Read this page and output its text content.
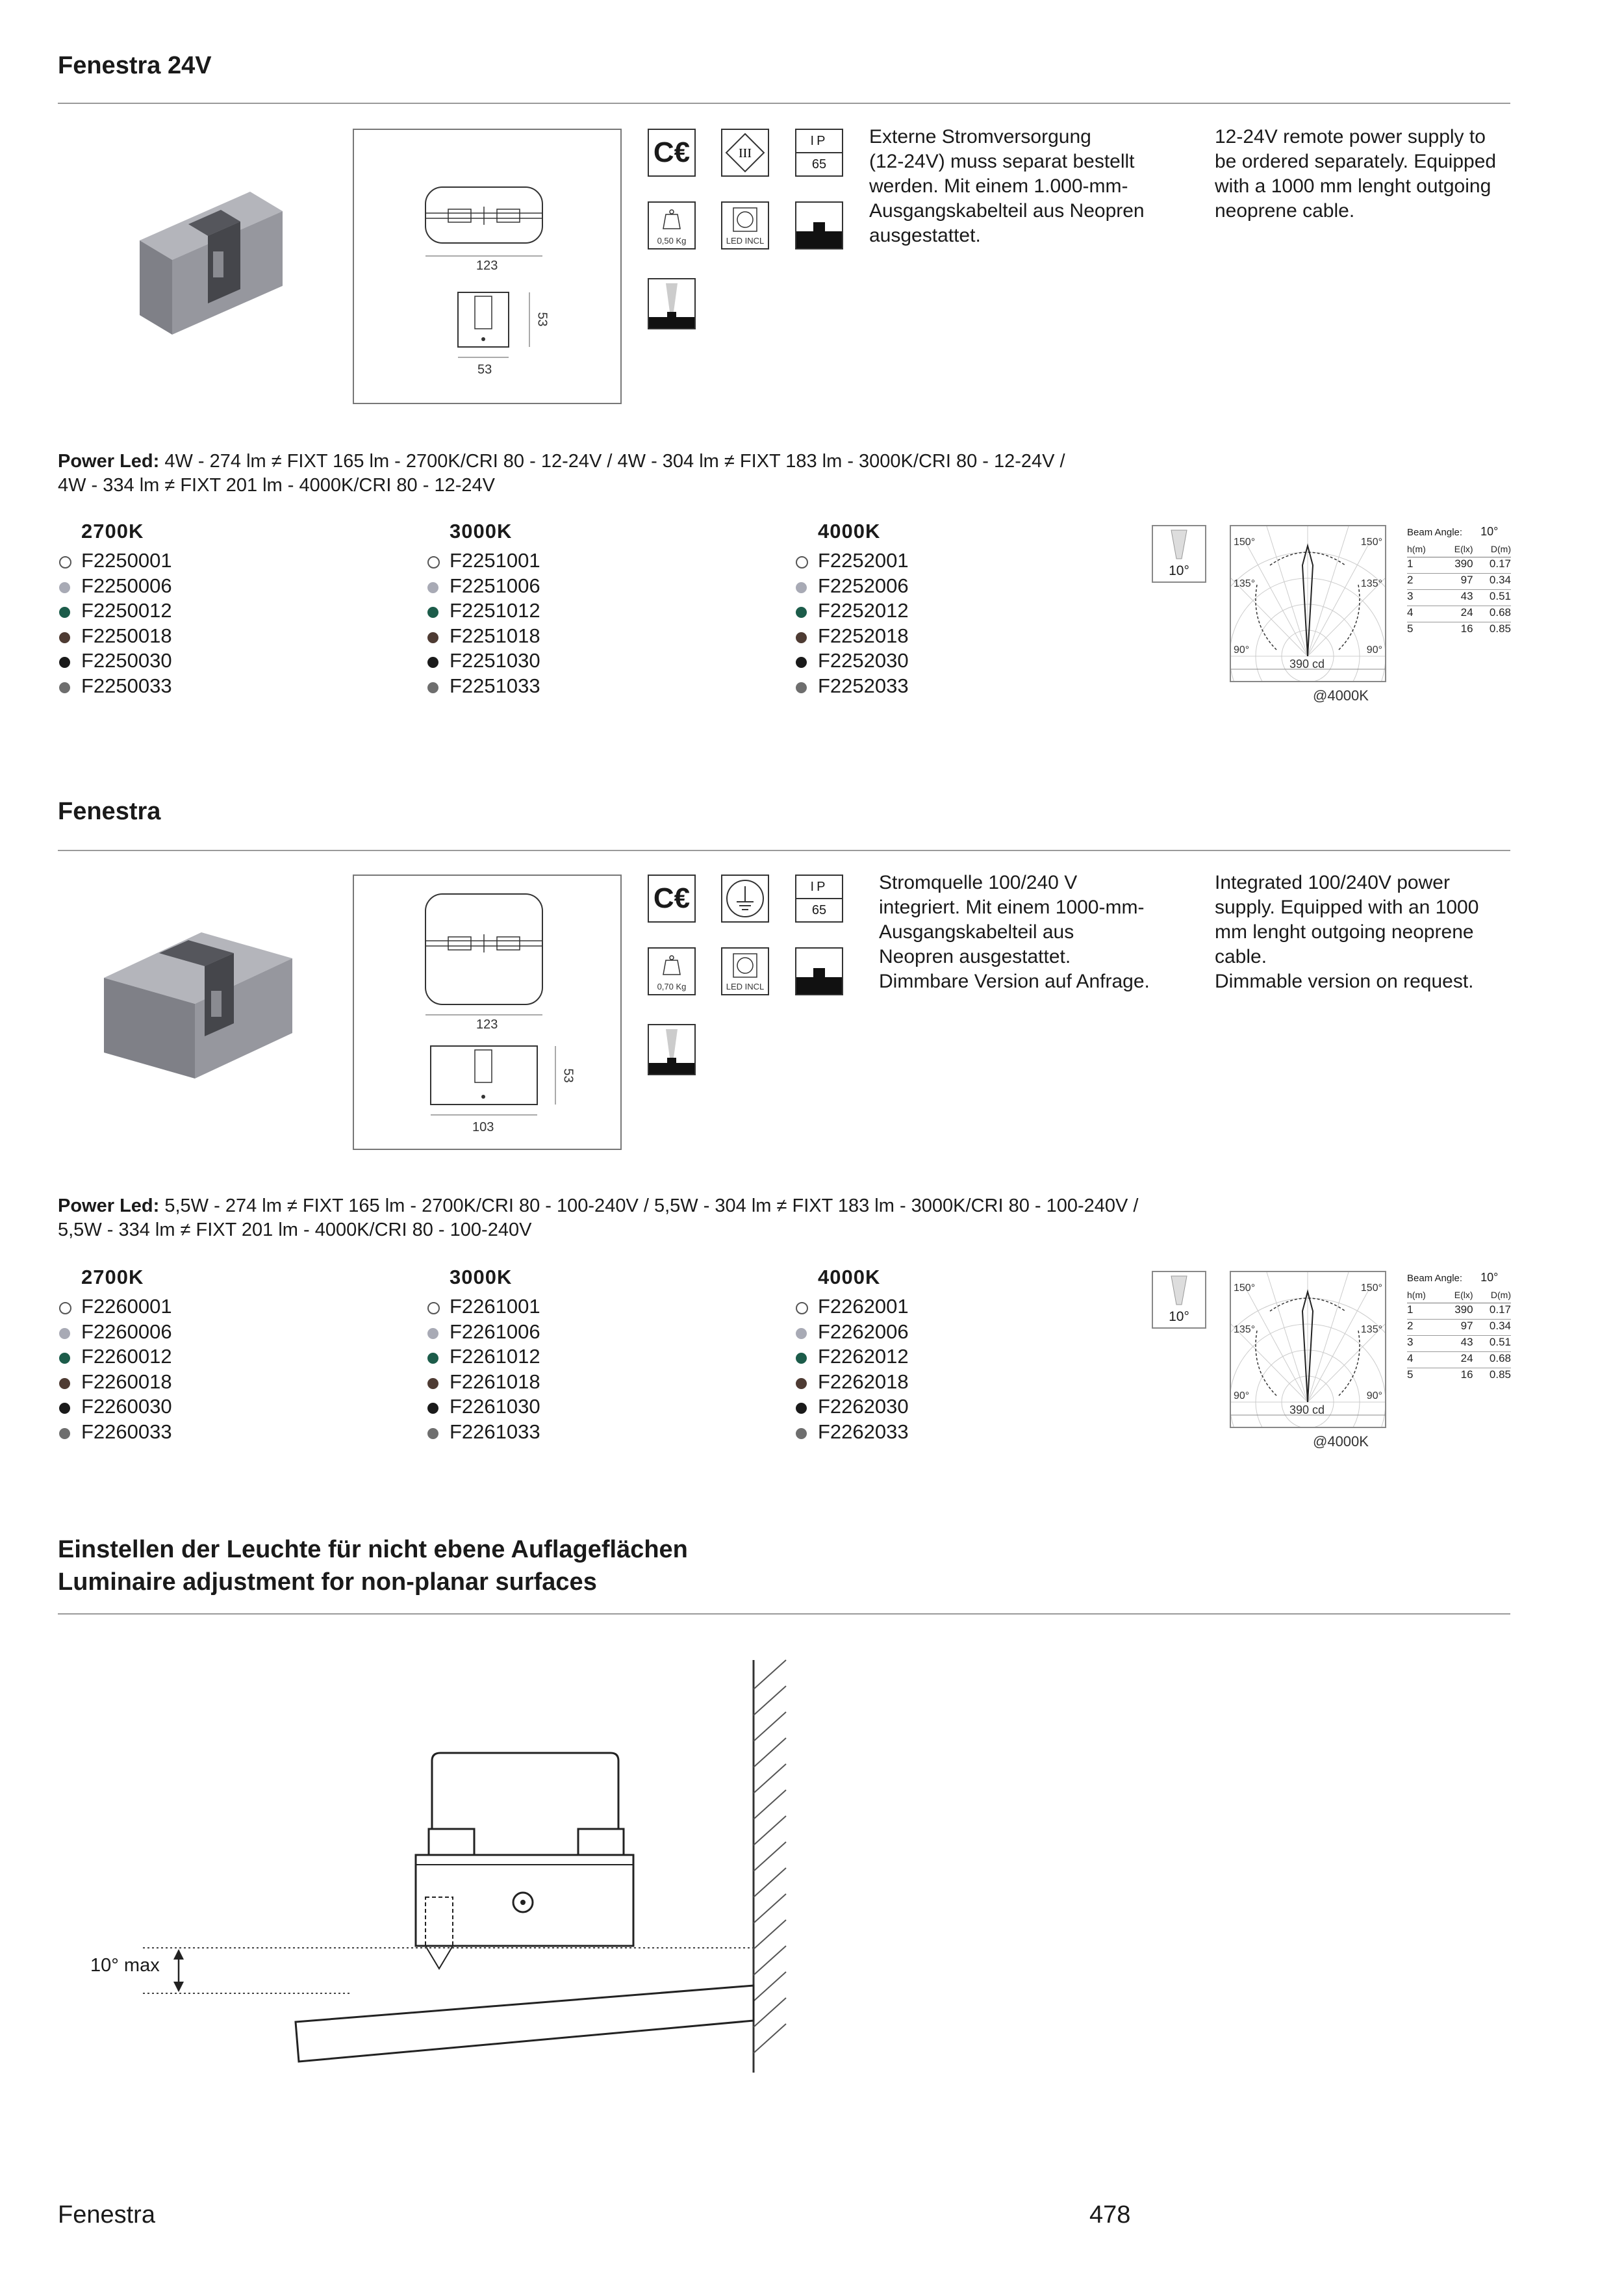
Fenestra 24V
123
53
53
C€	III
IP
65
0,50 Kg	LED INCL
Externe Stromversorgung
(12-24V) muss separat bestellt
werden. Mit einem 1.000-mm-
Ausgangskabelteil aus Neopren
ausgestattet.
12-24V remote power supply to
be ordered separately. Equipped
with a 1000 mm lenght outgoing
neoprene cable.
Power Led: 4W - 274 lm ≠ FIXT 165 lm - 2700K/CRI 80 - 12-24V / 4W - 304 lm ≠ FIXT 183 lm - 3000K/CRI 80 - 12-24V /
4W - 334 lm ≠ FIXT 201 lm - 4000K/CRI 80 - 12-24V
2700K
F2250001
F2250006
F2250012
F2250018
F2250030
F2250033
3000K
F2251001
F2251006
F2251012
F2251018
F2251030
F2251033
4000K
F2252001
F2252006
F2252012
F2252018
F2252030
F2252033
10°
150°	150°
135°	135°
90°	90°
390 cd
@4000K
Beam Angle: 10°
h(m)	E(lx)	D(m)
1	390	0.17
2	97	0.34
3	43	0.51
4	24	0.68
5	16	0.85
Fenestra
123
103
53
C€	IP
65
0,70 Kg	LED INCL
Stromquelle 100/240 V
integriert. Mit einem 1000-mm-
Ausgangskabelteil aus
Neopren ausgestattet.
Dimmbare Version auf Anfrage.
Integrated 100/240V power
supply. Equipped with an 1000
mm lenght outgoing neoprene
cable.
Dimmable version on request.
Power Led: 5,5W - 274 lm ≠ FIXT 165 lm - 2700K/CRI 80 - 100-240V / 5,5W - 304 lm ≠ FIXT 183 lm - 3000K/CRI 80 - 100-240V /
5,5W - 334 lm ≠ FIXT 201 lm - 4000K/CRI 80 - 100-240V
2700K
F2260001
F2260006
F2260012
F2260018
F2260030
F2260033
3000K
F2261001
F2261006
F2261012
F2261018
F2261030
F2261033
4000K
F2262001
F2262006
F2262012
F2262018
F2262030
F2262033
10°
150°	150°
135°	135°
90°	90°
390 cd
@4000K
Beam Angle: 10°
h(m)	E(lx)	D(m)
1	390	0.17
2	97	0.34
3	43	0.51
4	24	0.68
5	16	0.85
Einstellen der Leuchte für nicht ebene Auflageflächen
Luminaire adjustment for non-planar surfaces
10° max
Fenestra	478
